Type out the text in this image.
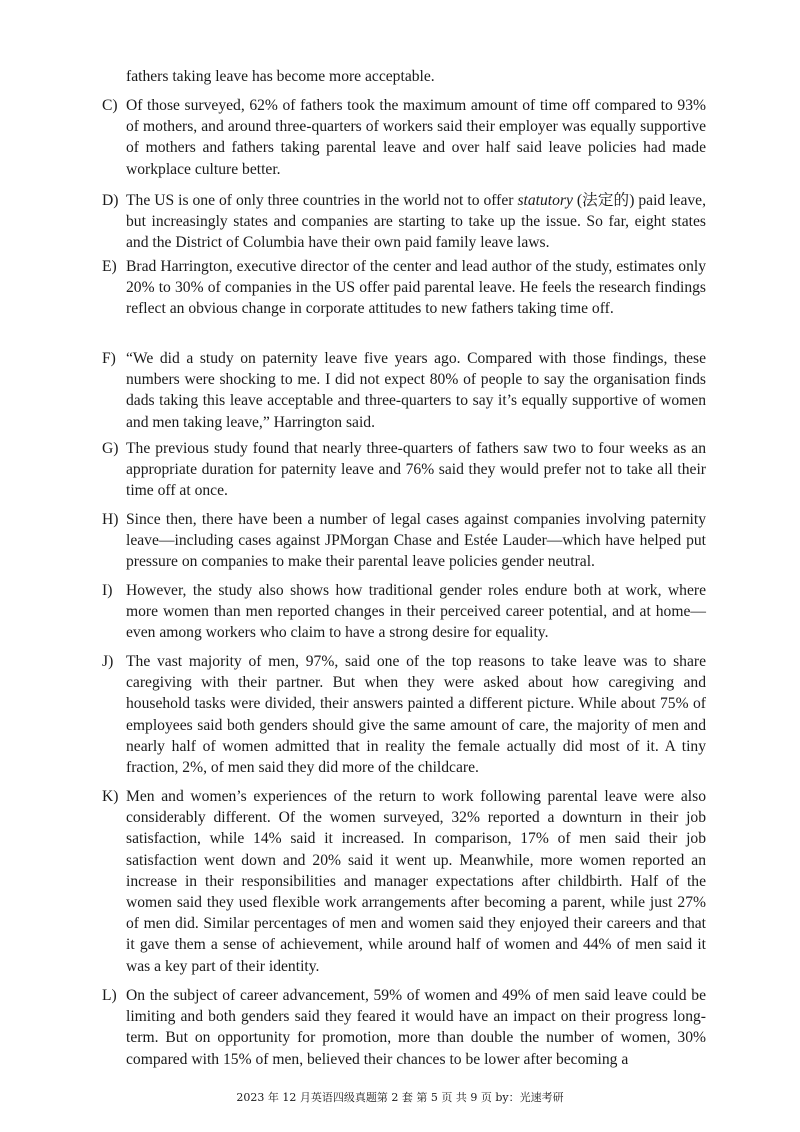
fathers taking leave has become more acceptable.

C) Of those surveyed, 62% of fathers took the maximum amount of time off compared to 93% of mothers, and around three-quarters of workers said their employer was equally supportive of mothers and fathers taking parental leave and over half said leave policies had made workplace culture better.

D) The US is one of only three countries in the world not to offer statutory (法定的) paid leave, but increasingly states and companies are starting to take up the issue. So far, eight states and the District of Columbia have their own paid family leave laws.

E) Brad Harrington, executive director of the center and lead author of the study, estimates only 20% to 30% of companies in the US offer paid parental leave. He feels the research findings reflect an obvious change in corporate attitudes to new fathers taking time off.

F) “We did a study on paternity leave five years ago. Compared with those findings, these numbers were shocking to me. I did not expect 80% of people to say the organisation finds dads taking this leave acceptable and three-quarters to say it’s equally supportive of women and men taking leave,” Harrington said.

G) The previous study found that nearly three-quarters of fathers saw two to four weeks as an appropriate duration for paternity leave and 76% said they would prefer not to take all their time off at once.

H) Since then, there have been a number of legal cases against companies involving paternity leave—including cases against JPMorgan Chase and Estée Lauder—which have helped put pressure on companies to make their parental leave policies gender neutral.

I) However, the study also shows how traditional gender roles endure both at work, where more women than men reported changes in their perceived career potential, and at home—even among workers who claim to have a strong desire for equality.

J) The vast majority of men, 97%, said one of the top reasons to take leave was to share caregiving with their partner. But when they were asked about how caregiving and household tasks were divided, their answers painted a different picture. While about 75% of employees said both genders should give the same amount of care, the majority of men and nearly half of women admitted that in reality the female actually did most of it. A tiny fraction, 2%, of men said they did more of the childcare.

K) Men and women’s experiences of the return to work following parental leave were also considerably different. Of the women surveyed, 32% reported a downturn in their job satisfaction, while 14% said it increased. In comparison, 17% of men said their job satisfaction went down and 20% said it went up. Meanwhile, more women reported an increase in their responsibilities and manager expectations after childbirth. Half of the women said they used flexible work arrangements after becoming a parent, while just 27% of men did. Similar percentages of men and women said they enjoyed their careers and that it gave them a sense of achievement, while around half of women and 44% of men said it was a key part of their identity.

L) On the subject of career advancement, 59% of women and 49% of men said leave could be limiting and both genders said they feared it would have an impact on their progress long-term. But on opportunity for promotion, more than double the number of women, 30% compared with 15% of men, believed their chances to be lower after becoming a

2023 年 12 月英语四级真题第 2 套 第 5 页 共 9 页 by：光速考研
